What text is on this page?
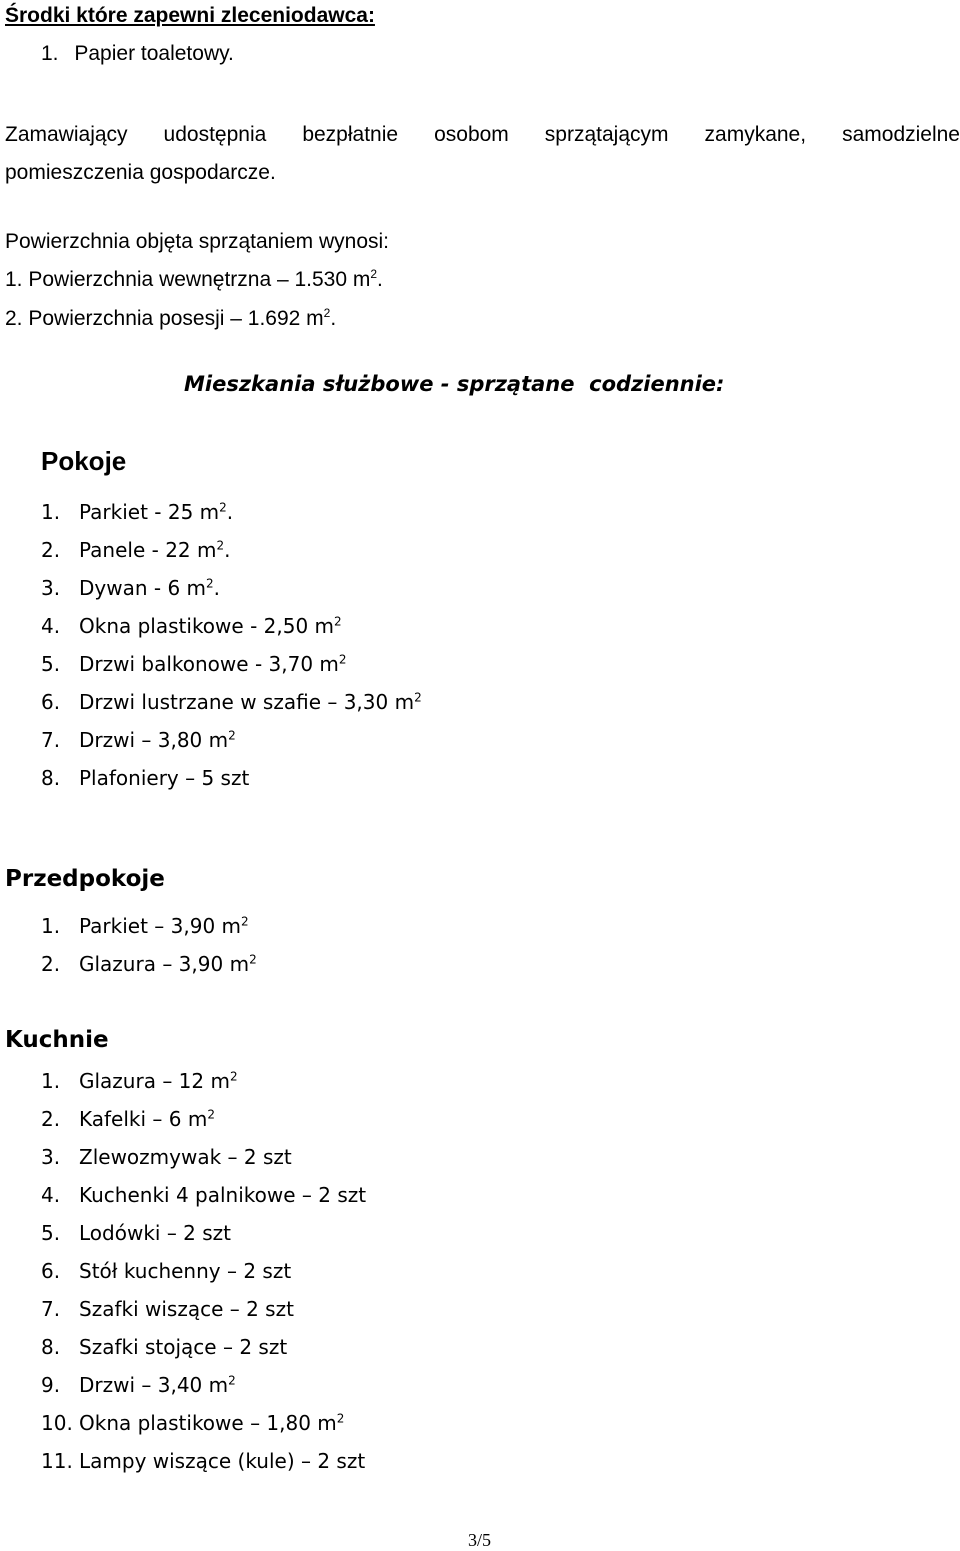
Środki które zapewni zleceniodawca:
1. Papier toaletowy.
Zamawiający udostępnia bezpłatnie osobom sprzątającym zamykane, samodzielne
pomieszczenia gospodarcze.
Powierzchnia objęta sprzątaniem wynosi:
1. Powierzchnia wewnętrzna – 1.530 $m^2$.
2. Powierzchnia posesji – 1.692 $m^2$.
Mieszkania służbowe - sprzątane  codziennie:
Pokoje
1. Parkiet - 25 $m^2$.
2. Panele - 22 $m^2$.
3. Dywan - 6 $m^2$.
4. Okna plastikowe - 2,50 $m^2$
5. Drzwi balkonowe - 3,70 $m^2$
6. Drzwi lustrzane w szafie – 3,30 $m^2$
7. Drzwi – 3,80 $m^2$
8. Plafoniery – 5 szt
Przedpokoje
1. Parkiet – 3,90 $m^2$
2. Glazura – 3,90 $m^2$
Kuchnie
1. Glazura – 12 $m^2$
2. Kafelki – 6 $m^2$
3. Zlewozmywak – 2 szt
4. Kuchenki 4 palnikowe – 2 szt
5. Lodówki – 2 szt
6. Stół kuchenny – 2 szt
7. Szafki wiszące – 2 szt
8. Szafki stojące – 2 szt
9. Drzwi – 3,40 $m^2$
10. Okna plastikowe – 1,80 $m^2$
11. Lampy wiszące (kule) – 2 szt
3/5
